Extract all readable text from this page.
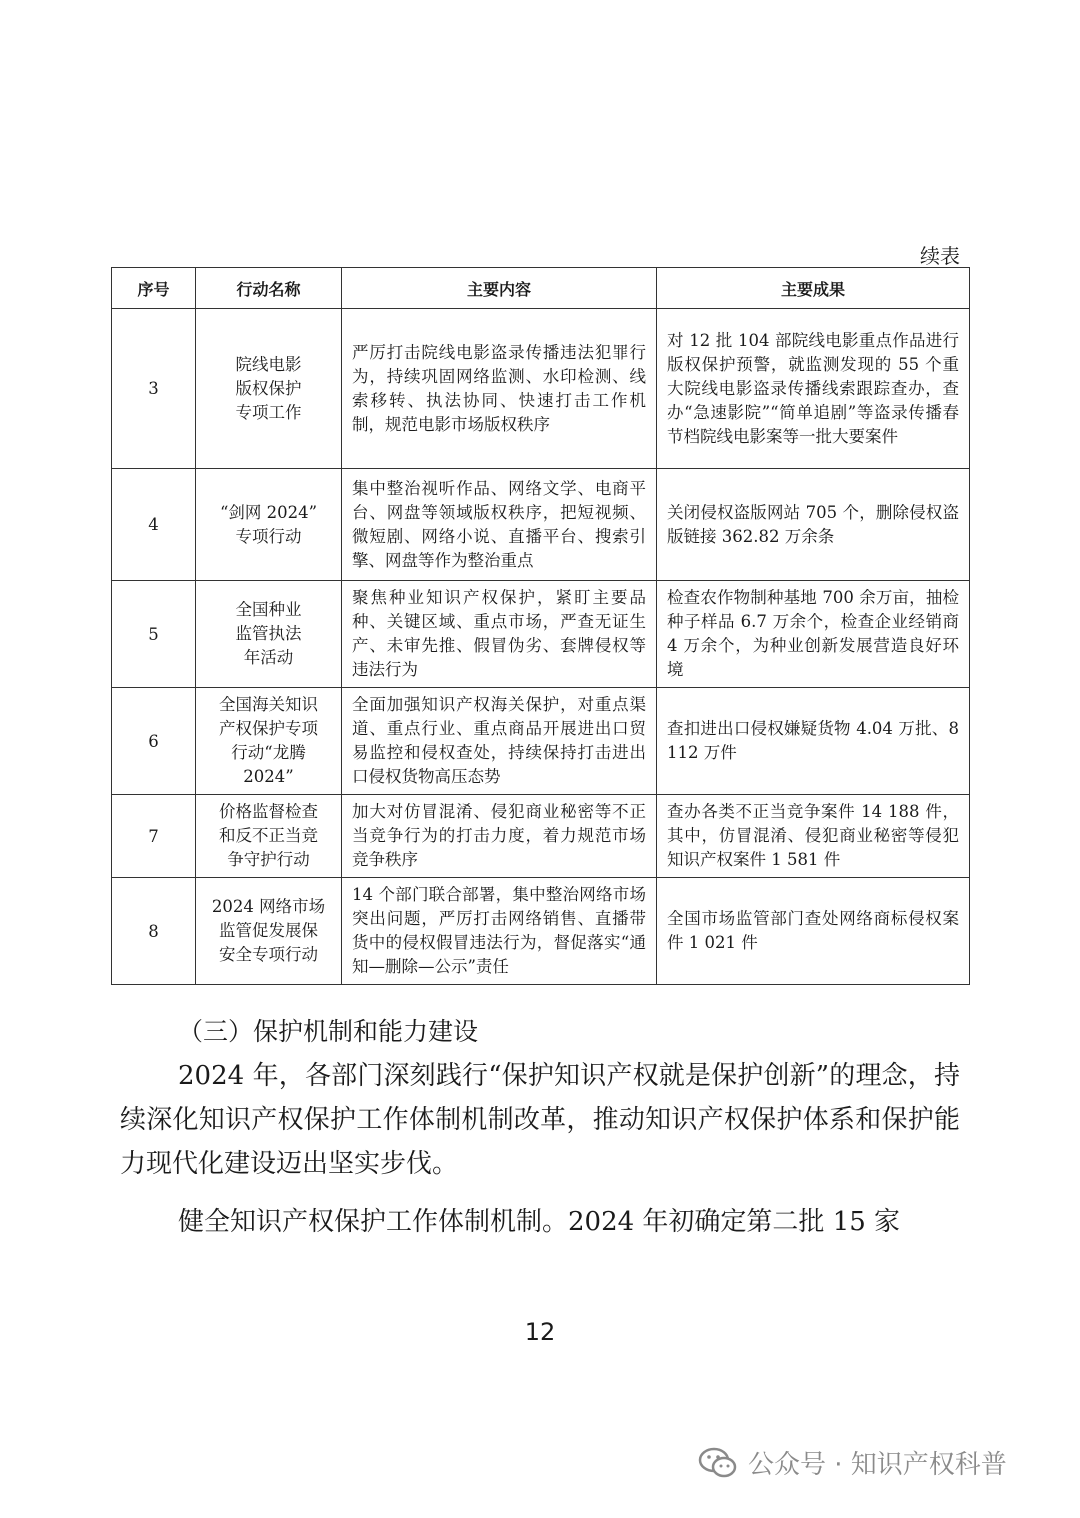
续表
序号	行动名称	主要内容	主要成果
3	院线电影
版权保护
专项工作	严厉打击院线电影盗录传播违法犯罪行为，持续巩固网络监测、水印检测、线索移转、执法协同、快速打击工作机制，规范电影市场版权秩序	对 12 批 104 部院线电影重点作品进行版权保护预警，就监测发现的 55 个重大院线电影盗录传播线索跟踪查办，查办“急速影院”“简单追剧”等盗录传播春节档院线电影案等一批大要案件
4	“剑网 2024”
专项行动	集中整治视听作品、网络文学、电商平台、网盘等领域版权秩序，把短视频、微短剧、网络小说、直播平台、搜索引擎、网盘等作为整治重点	关闭侵权盗版网站 705 个，删除侵权盗版链接 362.82 万余条
5	全国种业
监管执法
年活动	聚焦种业知识产权保护，紧盯主要品种、关键区域、重点市场，严查无证生产、未审先推、假冒伪劣、套牌侵权等违法行为	检查农作物制种基地 700 余万亩，抽检种子样品 6.7 万余个，检查企业经销商 4 万余个，为种业创新发展营造良好环境
6	全国海关知识
产权保护专项
行动“龙腾
2024”	全面加强知识产权海关保护，对重点渠道、重点行业、重点商品开展进出口贸易监控和侵权查处，持续保持打击进出口侵权货物高压态势	查扣进出口侵权嫌疑货物 4.04 万批、8 112 万件
7	价格监督检查
和反不正当竞
争守护行动	加大对仿冒混淆、侵犯商业秘密等不正当竞争行为的打击力度，着力规范市场竞争秩序	查办各类不正当竞争案件 14 188 件，其中，仿冒混淆、侵犯商业秘密等侵犯知识产权案件 1 581 件
8	2024 网络市场
监管促发展保
安全专项行动	14 个部门联合部署，集中整治网络市场突出问题，严厉打击网络销售、直播带货中的侵权假冒违法行为，督促落实“通知—删除—公示”责任	全国市场监管部门查处网络商标侵权案件 1 021 件
（三）保护机制和能力建设
2024 年，各部门深刻践行“保护知识产权就是保护创新”的理念，持续深化知识产权保护工作体制机制改革，推动知识产权保护体系和保护能力现代化建设迈出坚实步伐。
健全知识产权保护工作体制机制。2024 年初确定第二批 15 家
12
公众号 · 知识产权科普
